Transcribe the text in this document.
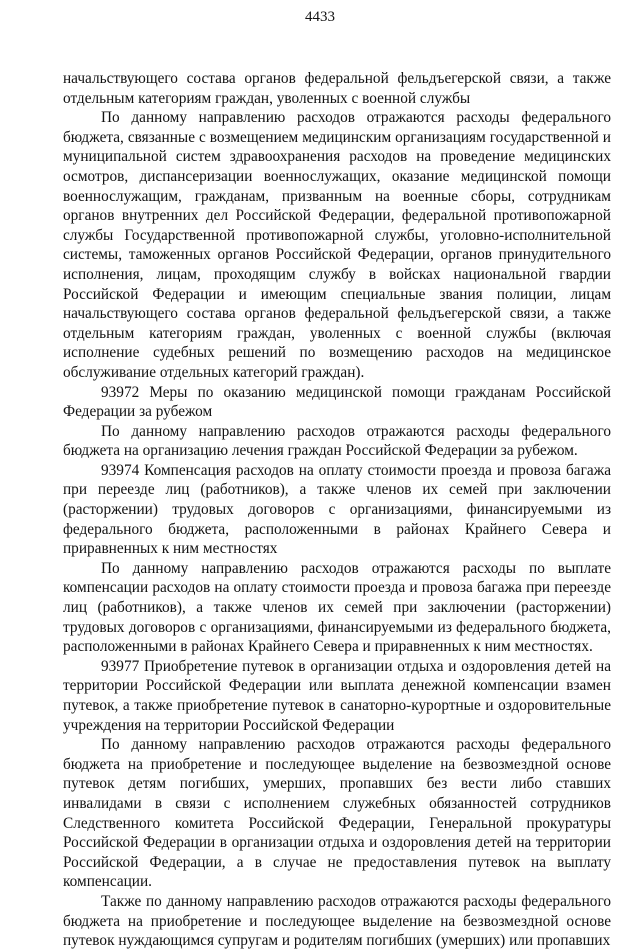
4433

начальствующего состава органов федеральной фельдъегерской связи, а также отдельным категориям граждан, уволенных с военной службы

По данному направлению расходов отражаются расходы федерального бюджета, связанные с возмещением медицинским организациям государственной и муниципальной систем здравоохранения расходов на проведение медицинских осмотров, диспансеризации военнослужащих, оказание медицинской помощи военнослужащим, гражданам, призванным на военные сборы, сотрудникам органов внутренних дел Российской Федерации, федеральной противопожарной службы Государственной противопожарной службы, уголовно-исполнительной системы, таможенных органов Российской Федерации, органов принудительного исполнения, лицам, проходящим службу в войсках национальной гвардии Российской Федерации и имеющим специальные звания полиции, лицам начальствующего состава органов федеральной фельдъегерской связи, а также отдельным категориям граждан, уволенных с военной службы (включая исполнение судебных решений по возмещению расходов на медицинское обслуживание отдельных категорий граждан).

93972 Меры по оказанию медицинской помощи гражданам Российской Федерации за рубежом

По данному направлению расходов отражаются расходы федерального бюджета на организацию лечения граждан Российской Федерации за рубежом.

93974 Компенсация расходов на оплату стоимости проезда и провоза багажа при переезде лиц (работников), а также членов их семей при заключении (расторжении) трудовых договоров с организациями, финансируемыми из федерального бюджета, расположенными в районах Крайнего Севера и приравненных к ним местностях

По данному направлению расходов отражаются расходы по выплате компенсации расходов на оплату стоимости проезда и провоза багажа при переезде лиц (работников), а также членов их семей при заключении (расторжении) трудовых договоров с организациями, финансируемыми из федерального бюджета, расположенными в районах Крайнего Севера и приравненных к ним местностях.

93977 Приобретение путевок в организации отдыха и оздоровления детей на территории Российской Федерации или выплата денежной компенсации взамен путевок, а также приобретение путевок в санаторно-курортные и оздоровительные учреждения на территории Российской Федерации

По данному направлению расходов отражаются расходы федерального бюджета на приобретение и последующее выделение на безвозмездной основе путевок детям погибших, умерших, пропавших без вести либо ставших инвалидами в связи с исполнением служебных обязанностей сотрудников Следственного комитета Российской Федерации, Генеральной прокуратуры Российской Федерации в организации отдыха и оздоровления детей на территории Российской Федерации, а в случае не предоставления путевок на выплату компенсации.

Также по данному направлению расходов отражаются расходы федерального бюджета на приобретение и последующее выделение на безвозмездной основе путевок нуждающимся супругам и родителям погибших (умерших) или пропавших
